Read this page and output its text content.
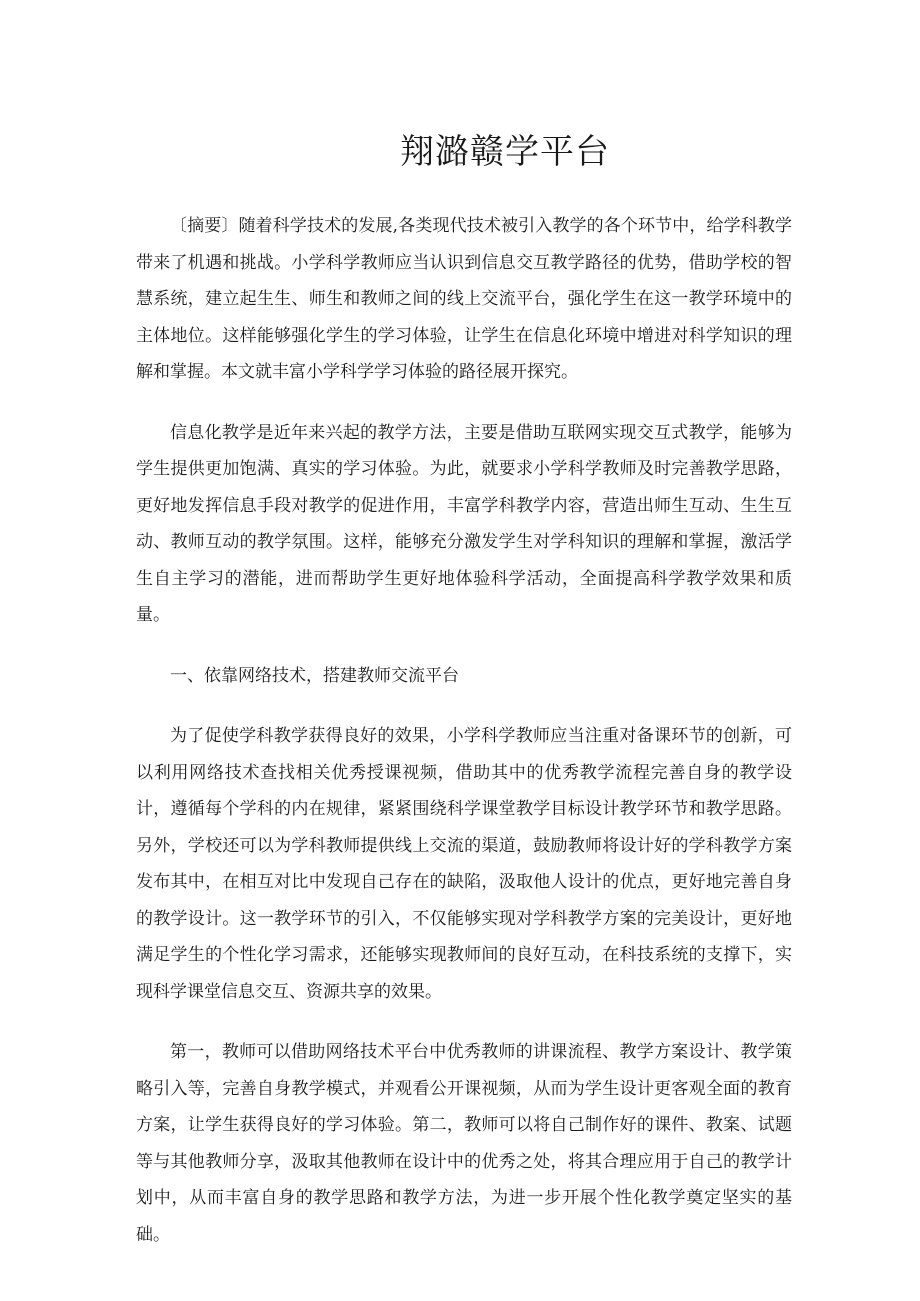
翔潞赣学平台

〔摘要〕随着科学技术的发展,各类现代技术被引入教学的各个环节中，给学科教学带来了机遇和挑战。小学科学教师应当认识到信息交互教学路径的优势，借助学校的智慧系统，建立起生生、师生和教师之间的线上交流平台，强化学生在这一教学环境中的主体地位。这样能够强化学生的学习体验，让学生在信息化环境中增进对科学知识的理解和掌握。本文就丰富小学科学学习体验的路径展开探究。

信息化教学是近年来兴起的教学方法，主要是借助互联网实现交互式教学，能够为学生提供更加饱满、真实的学习体验。为此，就要求小学科学教师及时完善教学思路，更好地发挥信息手段对教学的促进作用，丰富学科教学内容，营造出师生互动、生生互动、教师互动的教学氛围。这样，能够充分激发学生对学科知识的理解和掌握，激活学生自主学习的潜能，进而帮助学生更好地体验科学活动，全面提高科学教学效果和质量。

一、依靠网络技术，搭建教师交流平台

为了促使学科教学获得良好的效果，小学科学教师应当注重对备课环节的创新，可以利用网络技术查找相关优秀授课视频，借助其中的优秀教学流程完善自身的教学设计，遵循每个学科的内在规律，紧紧围绕科学课堂教学目标设计教学环节和教学思路。另外，学校还可以为学科教师提供线上交流的渠道，鼓励教师将设计好的学科教学方案发布其中，在相互对比中发现自己存在的缺陷，汲取他人设计的优点，更好地完善自身的教学设计。这一教学环节的引入，不仅能够实现对学科教学方案的完美设计，更好地满足学生的个性化学习需求，还能够实现教师间的良好互动，在科技系统的支撑下，实现科学课堂信息交互、资源共享的效果。

第一，教师可以借助网络技术平台中优秀教师的讲课流程、教学方案设计、教学策略引入等，完善自身教学模式，并观看公开课视频，从而为学生设计更客观全面的教育方案，让学生获得良好的学习体验。第二，教师可以将自己制作好的课件、教案、试题等与其他教师分享，汲取其他教师在设计中的优秀之处，将其合理应用于自己的教学计划中，从而丰富自身的教学思路和教学方法，为进一步开展个性化教学奠定坚实的基础。
